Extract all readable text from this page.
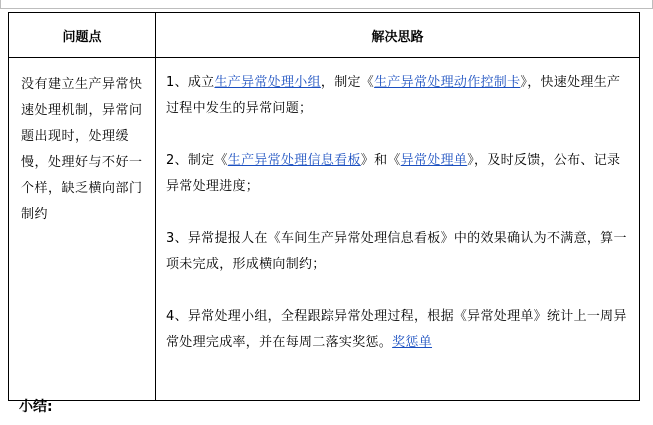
问题点	解决思路

没有建立生产异常快速处理机制，异常问题出现时，处理缓慢，处理好与不好一个样，缺乏横向部门制约	1、成立生产异常处理小组，制定《生产异常处理动作控制卡》，快速处理生产过程中发生的异常问题；

2、制定《生产异常处理信息看板》和《异常处理单》，及时反馈，公布、记录异常处理进度；

3、异常提报人在《车间生产异常处理信息看板》中的效果确认为不满意，算一项未完成，形成横向制约；

4、异常处理小组，全程跟踪异常处理过程，根据《异常处理单》统计上一周异常处理完成率，并在每周二落实奖惩。奖惩单

小结:
